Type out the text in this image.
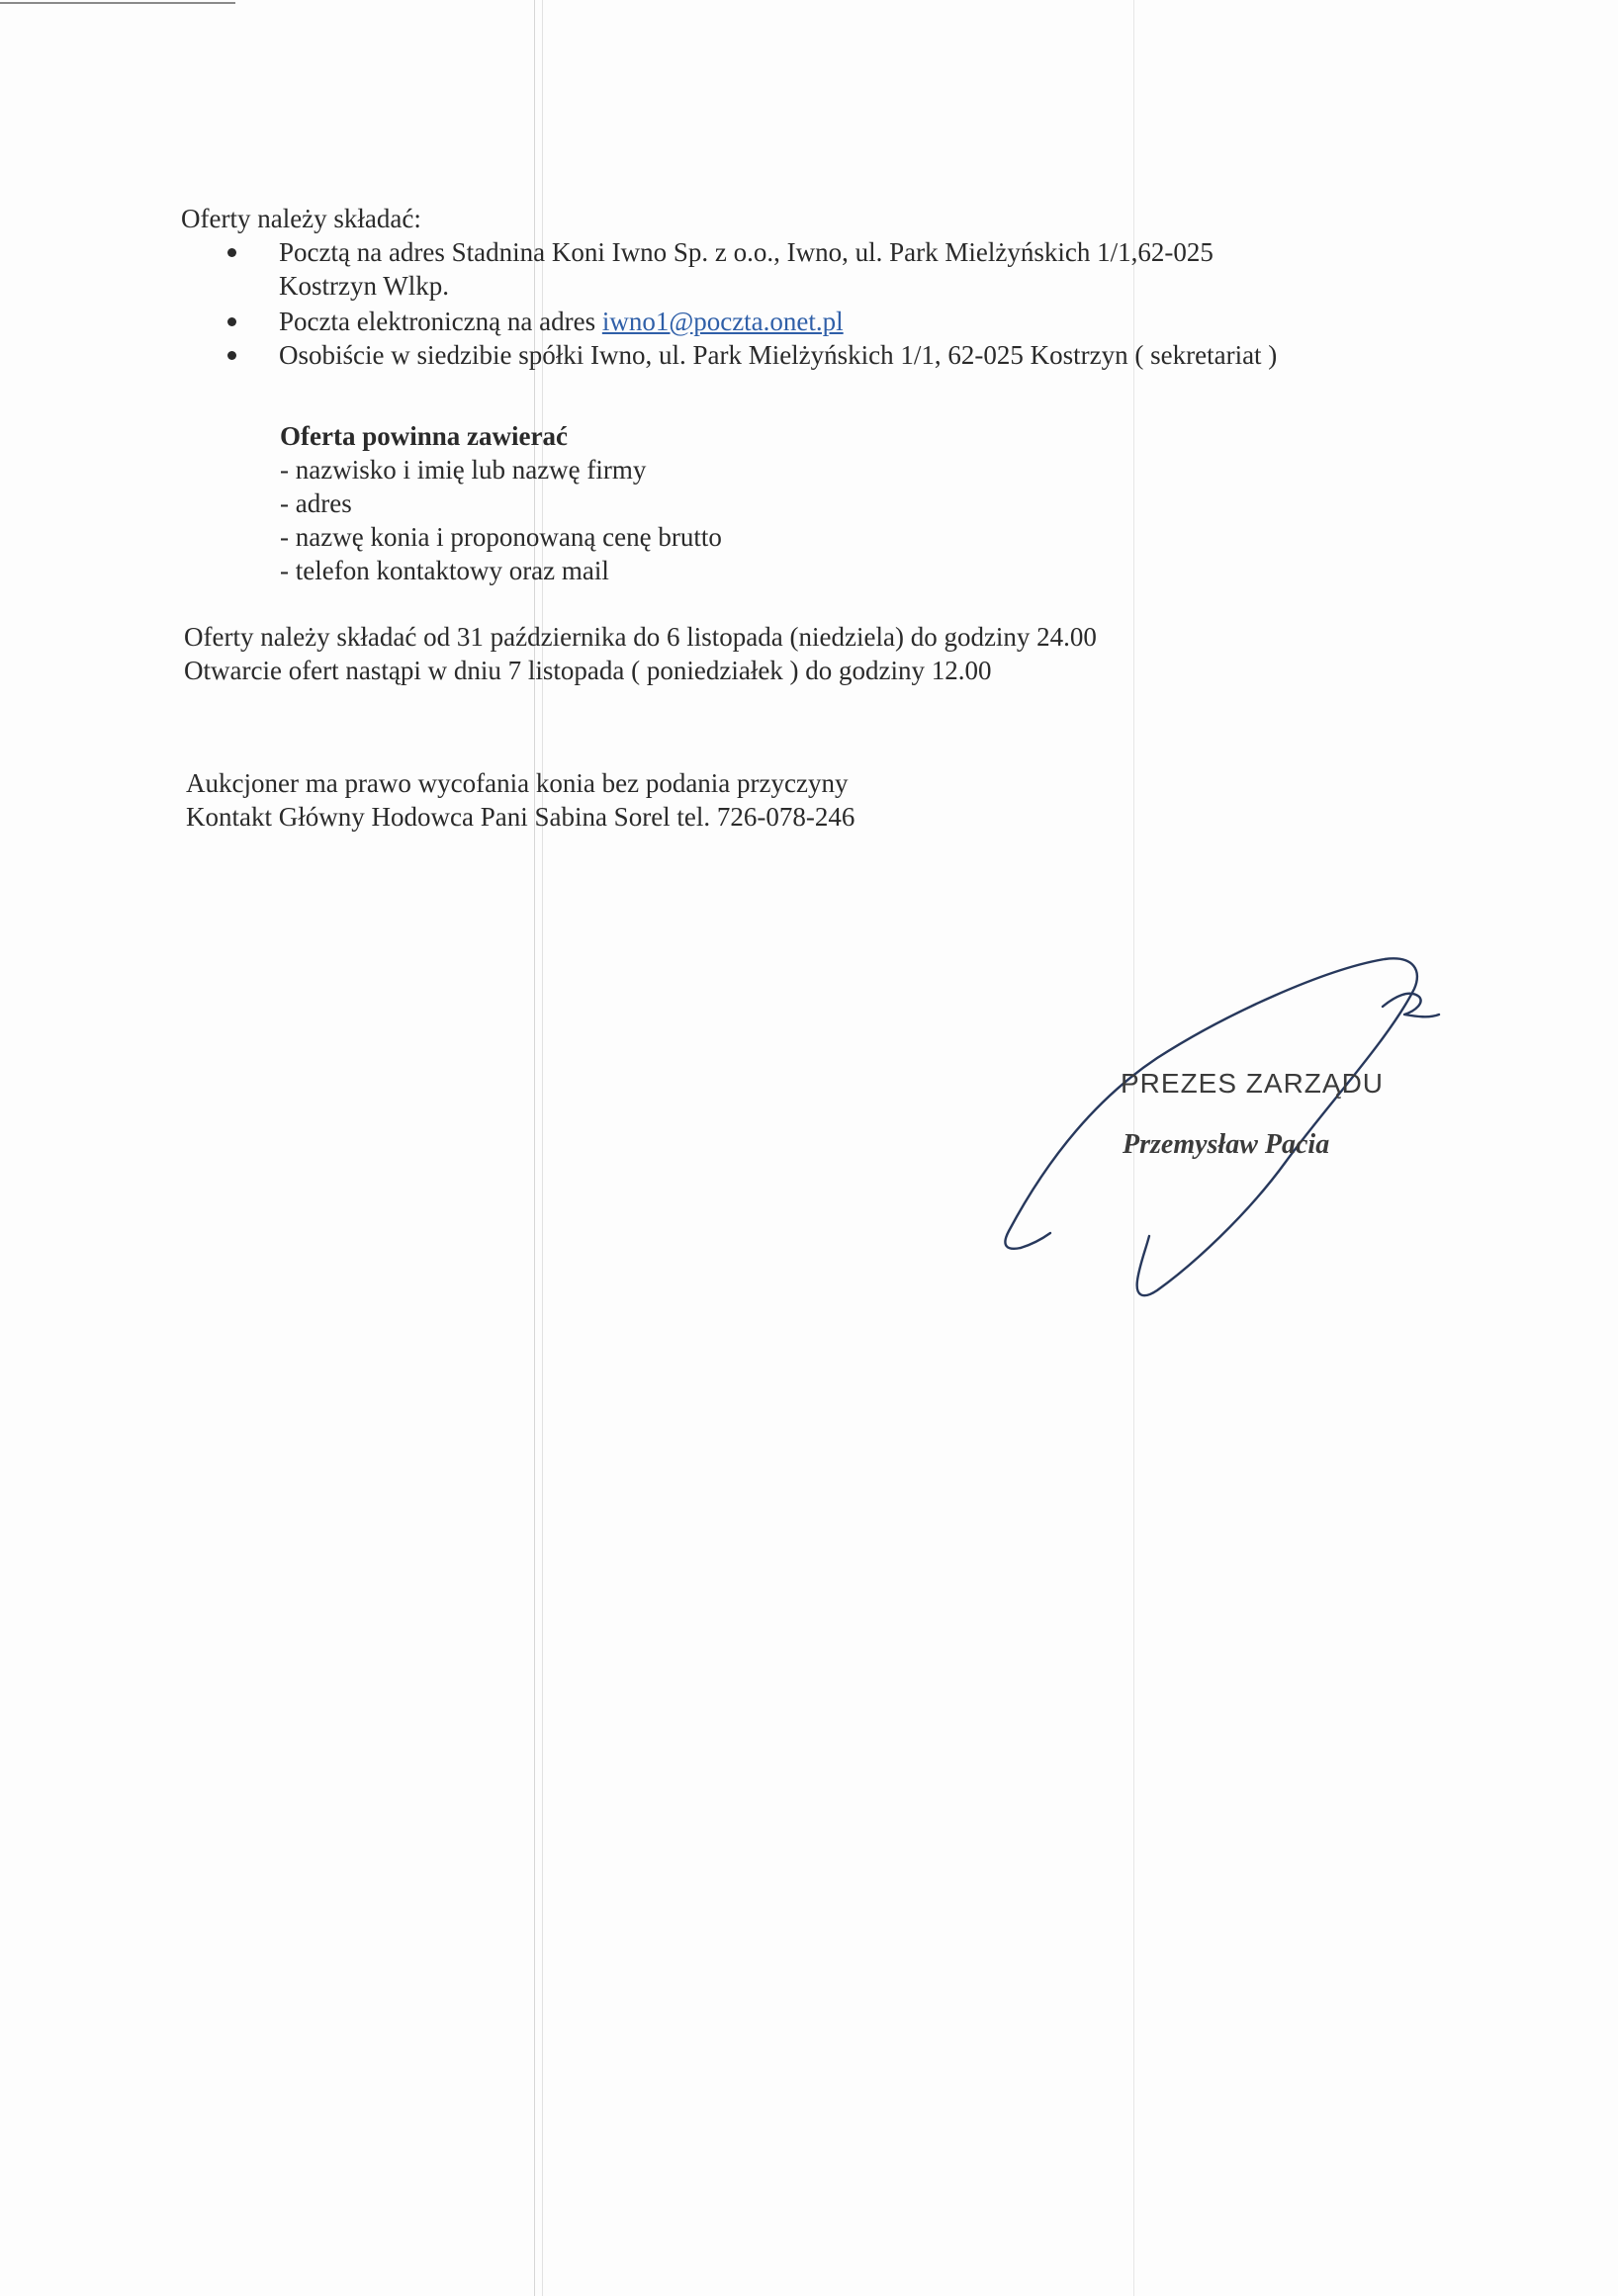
Oferty należy składać:
Pocztą na adres Stadnina Koni Iwno Sp. z o.o., Iwno, ul. Park Mielżyńskich 1/1,62-025
Kostrzyn Wlkp.
Poczta elektroniczną na adres iwno1@poczta.onet.pl
Osobiście w siedzibie spółki Iwno, ul. Park Mielżyńskich 1/1, 62-025 Kostrzyn ( sekretariat )
Oferta powinna zawierać
- nazwisko i imię lub nazwę firmy
- adres
- nazwę konia i proponowaną cenę brutto
- telefon kontaktowy oraz mail
Oferty należy składać od 31 października do 6 listopada (niedziela) do godziny 24.00
Otwarcie ofert nastąpi w dniu 7 listopada ( poniedziałek ) do godziny 12.00
Aukcjoner ma prawo wycofania konia bez podania przyczyny
Kontakt Główny Hodowca Pani Sabina Sorel tel. 726-078-246
PREZES ZARZĄDU
Przemysław Pacia
